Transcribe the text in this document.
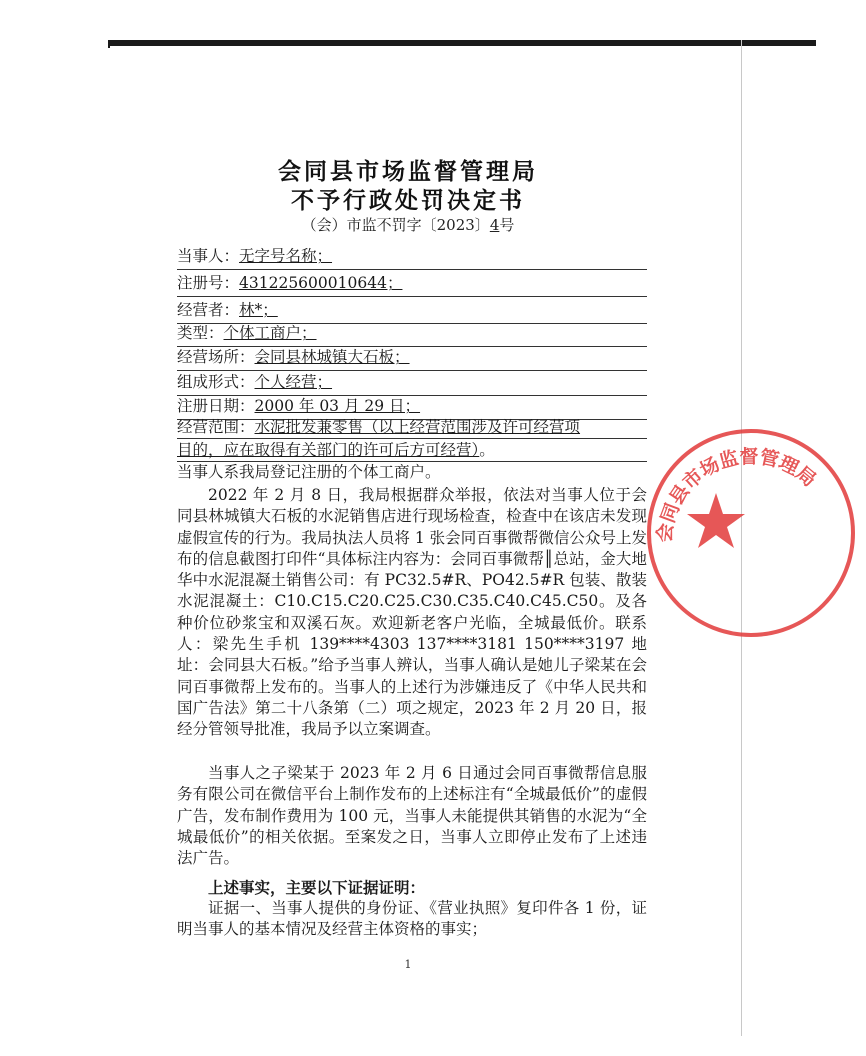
会同县市场监督管理局
不予行政处罚决定书
（会）市监不罚字〔2023〕4号
当事人：无字号名称；
注册号：431225600010644；
经营者：林*；
类型：个体工商户；
经营场所：会同县林城镇大石板；
组成形式：个人经营；
注册日期：2000 年 03 月 29 日；
经营范围：水泥批发兼零售（以上经营范围涉及许可经营项
目的，应在取得有关部门的许可后方可经营）。
当事人系我局登记注册的个体工商户。
2022 年 2 月 8 日，我局根据群众举报，依法对当事人位于会同县林城镇大石板的水泥销售店进行现场检查，检查中在该店未发现虚假宣传的行为。我局执法人员将 1 张会同百事微帮微信公众号上发布的信息截图打印件“具体标注内容为：会同百事微帮║总站，金大地华中水泥混凝土销售公司：有 PC32.5#R、PO42.5#R 包装、散装水泥混凝土：C10.C15.C20.C25.C30.C35.C40.C45.C50。及各种价位砂浆宝和双溪石灰。欢迎新老客户光临，全城最低价。联系人：梁先生手机 139****4303 137****3181 150****3197 地址：会同县大石板。”给予当事人辨认，当事人确认是她儿子梁某在会同百事微帮上发布的。当事人的上述行为涉嫌违反了《中华人民共和国广告法》第二十八条第（二）项之规定，2023 年 2 月 20 日，报经分管领导批准，我局予以立案调查。
当事人之子梁某于 2023 年 2 月 6 日通过会同百事微帮信息服务有限公司在微信平台上制作发布的上述标注有“全城最低价”的虚假广告，发布制作费用为 100 元，当事人未能提供其销售的水泥为“全城最低价”的相关依据。至案发之日，当事人立即停止发布了上述违法广告。
上述事实，主要以下证据证明：
证据一、当事人提供的身份证、《营业执照》复印件各 1 份，证明当事人的基本情况及经营主体资格的事实；
1
会同县市场监督管理局
